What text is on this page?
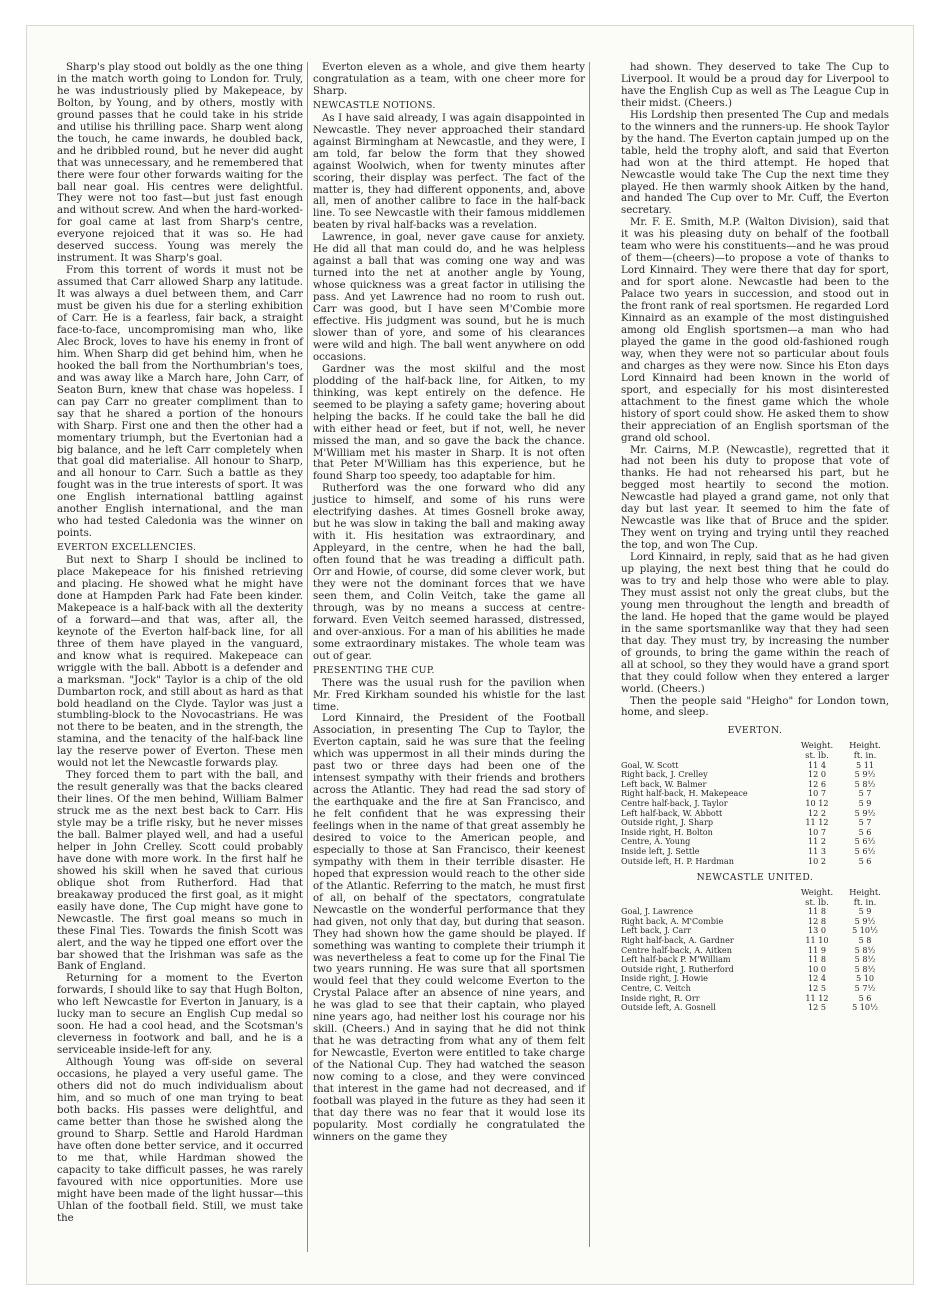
Sharp's play stood out boldly as the one thing in the match worth going to London for. Truly, he was industriously plied by Makepeace, by Bolton, by Young, and by others, mostly with ground passes that he could take in his stride and utilise his thrilling pace. Sharp went along the touch, he came inwards, he doubled back, and he dribbled round, but he never did aught that was unnecessary, and he remembered that there were four other forwards waiting for the ball near goal. His centres were delightful. They were not too fast—but just fast enough and without screw. And when the hard-worked-for goal came at last from Sharp's centre, everyone rejoiced that it was so. He had deserved success. Young was merely the instrument. It was Sharp's goal.

From this torrent of words it must not be assumed that Carr allowed Sharp any latitude. It was always a duel between them, and Carr must be given his due for a sterling exhibition of Carr. He is a fearless, fair back, a straight face-to-face, uncompromising man who, like Alec Brock, loves to have his enemy in front of him. When Sharp did get behind him, when he hooked the ball from the Northumbrian's toes, and was away like a March hare, John Carr, of Seaton Burn, knew that chase was hopeless. I can pay Carr no greater compliment than to say that he shared a portion of the honours with Sharp. First one and then the other had a momentary triumph, but the Evertonian had a big balance, and he left Carr completely when that goal did materialise. All honour to Sharp, and all honour to Carr. Such a battle as they fought was in the true interests of sport. It was one English international battling against another English international, and the man who had tested Caledonia was the winner on points.

EVERTON EXCELLENCIES.

But next to Sharp I should be inclined to place Makepeace for his finished retrieving and placing. He showed what he might have done at Hampden Park had Fate been kinder. Makepeace is a half-back with all the dexterity of a forward—and that was, after all, the keynote of the Everton half-back line, for all three of them have played in the vanguard, and know what is required. Makepeace can wriggle with the ball. Abbott is a defender and a marksman. "Jock" Taylor is a chip of the old Dumbarton rock, and still about as hard as that bold headland on the Clyde. Taylor was just a stumbling-block to the Novocastrians. He was not there to be beaten, and in the strength, the stamina, and the tenacity of the half-back line lay the reserve power of Everton. These men would not let the Newcastle forwards play.

They forced them to part with the ball, and the result generally was that the backs cleared their lines. Of the men behind, William Balmer struck me as the next best back to Carr. His style may be a trifle risky, but he never misses the ball. Balmer played well, and had a useful helper in John Crelley. Scott could probably have done with more work. In the first half he showed his skill when he saved that curious oblique shot from Rutherford. Had that breakaway produced the first goal, as it might easily have done, The Cup might have gone to Newcastle. The first goal means so much in these Final Ties. Towards the finish Scott was alert, and the way he tipped one effort over the bar showed that the Irishman was safe as the Bank of England.

Returning for a moment to the Everton forwards, I should like to say that Hugh Bolton, who left Newcastle for Everton in January, is a lucky man to secure an English Cup medal so soon. He had a cool head, and the Scotsman's cleverness in footwork and ball, and he is a serviceable inside-left for any.

Although Young was off-side on several occasions, he played a very useful game. The others did not do much individualism about him, and so much of one man trying to beat both backs. His passes were delightful, and came better than those he swished along the ground to Sharp. Settle and Harold Hardman have often done better service, and it occurred to me that, while Hardman showed the capacity to take difficult passes, he was rarely favoured with nice opportunities. More use might have been made of the light hussar—this Uhlan of the football field. Still, we must take the

Everton eleven as a whole, and give them hearty congratulation as a team, with one cheer more for Sharp.

NEWCASTLE NOTIONS.

As I have said already, I was again disappointed in Newcastle. They never approached their standard against Birmingham at Newcastle, and they were, I am told, far below the form that they showed against Woolwich, when for twenty minutes after scoring, their display was perfect. The fact of the matter is, they had different opponents, and, above all, men of another calibre to face in the half-back line. To see Newcastle with their famous middlemen beaten by rival half-backs was a revelation.

Lawrence, in goal, never gave cause for anxiety. He did all that man could do, and he was helpless against a ball that was coming one way and was turned into the net at another angle by Young, whose quickness was a great factor in utilising the pass. And yet Lawrence had no room to rush out. Carr was good, but I have seen M'Combie more effective. His judgment was sound, but he is much slower than of yore, and some of his clearances were wild and high. The ball went anywhere on odd occasions.

Gardner was the most skilful and the most plodding of the half-back line, for Aitken, to my thinking, was kept entirely on the defence. He seemed to be playing a safety game; hovering about helping the backs. If he could take the ball he did with either head or feet, but if not, well, he never missed the man, and so gave the back the chance. M'William met his master in Sharp. It is not often that Peter M'William has this experience, but he found Sharp too speedy, too adaptable for him.

Rutherford was the one forward who did any justice to himself, and some of his runs were electrifying dashes. At times Gosnell broke away, but he was slow in taking the ball and making away with it. His hesitation was extraordinary, and Appleyard, in the centre, when he had the ball, often found that he was treading a difficult path. Orr and Howie, of course, did some clever work, but they were not the dominant forces that we have seen them, and Colin Veitch, take the game all through, was by no means a success at centre-forward. Even Veitch seemed harassed, distressed, and over-anxious. For a man of his abilities he made some extraordinary mistakes. The whole team was out of gear.

PRESENTING THE CUP.

There was the usual rush for the pavilion when Mr. Fred Kirkham sounded his whistle for the last time.

Lord Kinnaird, the President of the Football Association, in presenting The Cup to Taylor, the Everton captain, said he was sure that the feeling which was uppermost in all their minds during the past two or three days had been one of the intensest sympathy with their friends and brothers across the Atlantic. They had read the sad story of the earthquake and the fire at San Francisco, and he felt confident that he was expressing their feelings when in the name of that great assembly he desired to voice to the American people, and especially to those at San Francisco, their keenest sympathy with them in their terrible disaster. He hoped that expression would reach to the other side of the Atlantic. Referring to the match, he must first of all, on behalf of the spectators, congratulate Newcastle on the wonderful performance that they had given, not only that day, but during that season. They had shown how the game should be played. If something was wanting to complete their triumph it was nevertheless a feat to come up for the Final Tie two years running. He was sure that all sportsmen would feel that they could welcome Everton to the Crystal Palace after an absence of nine years, and he was glad to see that their captain, who played nine years ago, had neither lost his courage nor his skill. (Cheers.) And in saying that he did not think that he was detracting from what any of them felt for Newcastle, Everton were entitled to take charge of the National Cup. They had watched the season now coming to a close, and they were convinced that interest in the game had not decreased, and if football was played in the future as they had seen it that day there was no fear that it would lose its popularity. Most cordially he congratulated the winners on the game they

had shown. They deserved to take The Cup to Liverpool. It would be a proud day for Liverpool to have the English Cup as well as The League Cup in their midst. (Cheers.)

His Lordship then presented The Cup and medals to the winners and the runners-up. He shook Taylor by the hand. The Everton captain jumped up on the table, held the trophy aloft, and said that Everton had won at the third attempt. He hoped that Newcastle would take The Cup the next time they played. He then warmly shook Aitken by the hand, and handed The Cup over to Mr. Cuff, the Everton secretary.

Mr. F. E. Smith, M.P. (Walton Division), said that it was his pleasing duty on behalf of the football team who were his constituents—and he was proud of them—(cheers)—to propose a vote of thanks to Lord Kinnaird. They were there that day for sport, and for sport alone. Newcastle had been to the Palace two years in succession, and stood out in the front rank of real sportsmen. He regarded Lord Kinnaird as an example of the most distinguished among old English sportsmen—a man who had played the game in the good old-fashioned rough way, when they were not so particular about fouls and charges as they were now. Since his Eton days Lord Kinnaird had been known in the world of sport, and especially for his most disinterested attachment to the finest game which the whole history of sport could show. He asked them to show their appreciation of an English sportsman of the grand old school.

Mr. Cairns, M.P. (Newcastle), regretted that it had not been his duty to propose that vote of thanks. He had not rehearsed his part, but he begged most heartily to second the motion. Newcastle had played a grand game, not only that day but last year. It seemed to him the fate of Newcastle was like that of Bruce and the spider. They went on trying and trying until they reached the top, and won The Cup.

Lord Kinnaird, in reply, said that as he had given up playing, the next best thing that he could do was to try and help those who were able to play. They must assist not only the great clubs, but the young men throughout the length and breadth of the land. He hoped that the game would be played in the same sportsmanlike way that they had seen that day. They must try, by increasing the number of grounds, to bring the game within the reach of all at school, so they they would have a grand sport that they could follow when they entered a larger world. (Cheers.)

Then the people said "Heigho" for London town, home, and sleep.

EVERTON.
	Weight.	Height.
	st. lb.	ft. in.
Goal, W. Scott	11 4	5 11
Right back, J. Crelley	12 0	5 9½
Left back, W. Balmer	12 6	5 8½
Right half-back, H. Makepeace	10 7	5 7
Centre half-back, J. Taylor	10 12	5 9
Left half-back, W. Abbott	12 2	5 9½
Outside right, J. Sharp	11 12	5 7
Inside right, H. Bolton	10 7	5 6
Centre, A. Young	11 2	5 6½
Inside left, J. Settle	11 3	5 6½
Outside left, H. P. Hardman	10 2	5 6
NEWCASTLE UNITED.
	Weight.	Height.
	st. lb.	ft. in.
Goal, J. Lawrence	11 8	5 9
Right back, A. M'Combie	12 8	5 9½
Left back, J. Carr	13 0	5 10½
Right half-back, A. Gardner	11 10	5 8
Centre half-back, A. Aitken	11 9	5 8½
Left half-back P. M'William	11 8	5 8½
Outside right, J. Rutherford	10 0	5 8½
Inside right, J. Howie	12 4	5 10
Centre, C. Veitch	12 5	5 7½
Inside right, R. Orr	11 12	5 6
Outside left, A. Gosnell	12 5	5 10½
